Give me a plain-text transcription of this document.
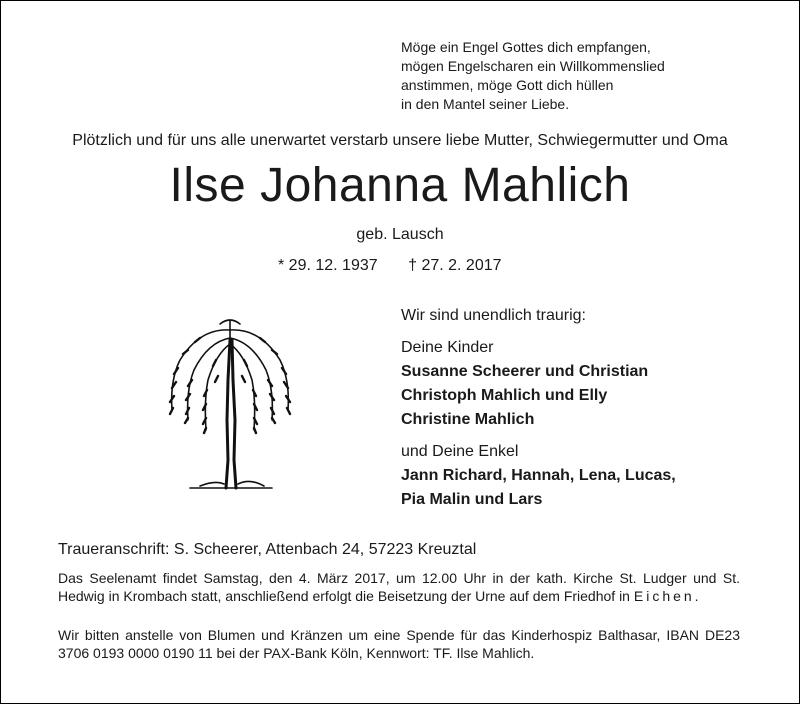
Möge ein Engel Gottes dich empfangen,
mögen Engelscharen ein Willkommenslied
anstimmen, möge Gott dich hüllen
in den Mantel seiner Liebe.
Plötzlich und für uns alle unerwartet verstarb unsere liebe Mutter, Schwiegermutter und Oma
Ilse Johanna Mahlich
geb. Lausch
* 29. 12. 1937 † 27. 2. 2017
Wir sind unendlich traurig:
Deine Kinder
Susanne Scheerer und Christian
Christoph Mahlich und Elly
Christine Mahlich
und Deine Enkel
Jann Richard, Hannah, Lena, Lucas,
Pia Malin und Lars
Traueranschrift: S. Scheerer, Attenbach 24, 57223 Kreuztal
Das Seelenamt findet Samstag, den 4. März 2017, um 12.00 Uhr in der kath. Kirche St. Ludger und St. Hedwig in Krombach statt, anschließend erfolgt die Beisetzung der Urne auf dem Friedhof in Eichen.
Wir bitten anstelle von Blumen und Kränzen um eine Spende für das Kinderhospiz Balthasar, IBAN DE23 3706 0193 0000 0190 11 bei der PAX-Bank Köln, Kennwort: TF. Ilse Mahlich.
